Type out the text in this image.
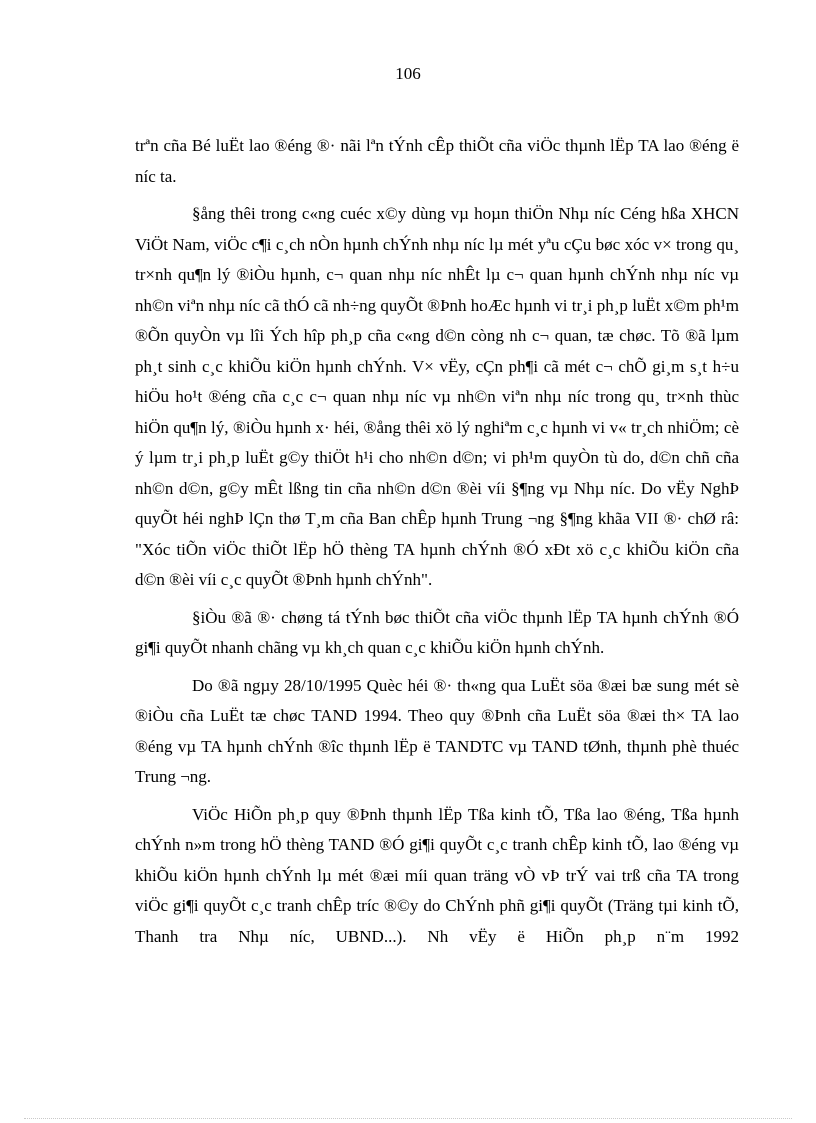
106

trªn cña Bé luËt lao ®éng ®· nãi lªn tÝnh cÊp thiÕt cña viÖc thµnh lËp TA lao ®éng ë níc ta.

§ång thêi trong c«ng cuéc x©y dùng vµ hoµn thiÖn Nhµ níc Céng hßa XHCN ViÖt Nam, viÖc c¶i c¸ch nÒn hµnh chÝnh nhµ níc lµ mét yªu cÇu bøc xóc v× trong qu¸ tr×nh qu¶n lý ®iÒu hµnh, c¬ quan nhµ níc nhÊt lµ c¬ quan hµnh chÝnh nhµ níc vµ nh©n viªn nhµ níc cã thÓ cã nh÷ng quyÕt ®Þnh hoÆc hµnh vi tr¸i ph¸p luËt x©m ph¹m ®Õn quyÒn vµ lîi Ých hîp ph¸p cña c«ng d©n còng nh c¬ quan, tæ chøc. Tõ ®ã lµm ph¸t sinh c¸c khiÕu kiÖn hµnh chÝnh. V× vËy, cÇn ph¶i cã mét c¬ chÕ gi¸m s¸t h÷u hiÖu ho¹t ®éng cña c¸c c¬ quan nhµ níc vµ nh©n viªn nhµ níc trong qu¸ tr×nh thùc hiÖn qu¶n lý, ®iÒu hµnh x· héi, ®ång thêi xö lý nghiªm c¸c hµnh vi v« tr¸ch nhiÖm; cè ý lµm tr¸i ph¸p luËt g©y thiÖt h¹i cho nh©n d©n; vi ph¹m quyÒn tù do, d©n chñ cña nh©n d©n, g©y mÊt lßng tin cña nh©n d©n ®èi víi §¶ng vµ Nhµ níc. Do vËy NghÞ quyÕt héi nghÞ lÇn thø T¸m cña Ban chÊp hµnh Trung ¬ng §¶ng khãa VII ®· chØ râ: "Xóc tiÕn viÖc thiÕt lËp hÖ thèng TA hµnh chÝnh ®Ó xÐt xö c¸c khiÕu kiÖn cña d©n ®èi víi c¸c quyÕt ®Þnh hµnh chÝnh".

§iÒu ®ã ®· chøng tá tÝnh bøc thiÕt cña viÖc thµnh lËp TA hµnh chÝnh ®Ó gi¶i quyÕt nhanh chãng vµ kh¸ch quan c¸c khiÕu kiÖn hµnh chÝnh.

Do ®ã ngµy 28/10/1995 Quèc héi ®· th«ng qua LuËt söa ®æi bæ sung mét sè ®iÒu cña LuËt tæ chøc TAND 1994. Theo quy ®Þnh cña LuËt söa ®æi th× TA lao ®éng vµ TA hµnh chÝnh ®îc thµnh lËp ë TANDTC vµ TAND tØnh, thµnh phè thuéc Trung ¬ng.

ViÖc HiÕn ph¸p quy ®Þnh thµnh lËp Tßa kinh tÕ, Tßa lao ®éng, Tßa hµnh chÝnh n»m trong hÖ thèng TAND ®Ó gi¶i quyÕt c¸c tranh chÊp kinh tÕ, lao ®éng vµ khiÕu kiÖn hµnh chÝnh lµ mét ®æi míi quan träng vÒ vÞ trÝ vai trß cña TA trong viÖc gi¶i quyÕt c¸c tranh chÊp tríc ®©y do ChÝnh phñ gi¶i quyÕt (Träng tµi kinh tÕ, Thanh tra Nhµ níc, UBND...). Nh vËy ë HiÕn ph¸p n¨m 1992
